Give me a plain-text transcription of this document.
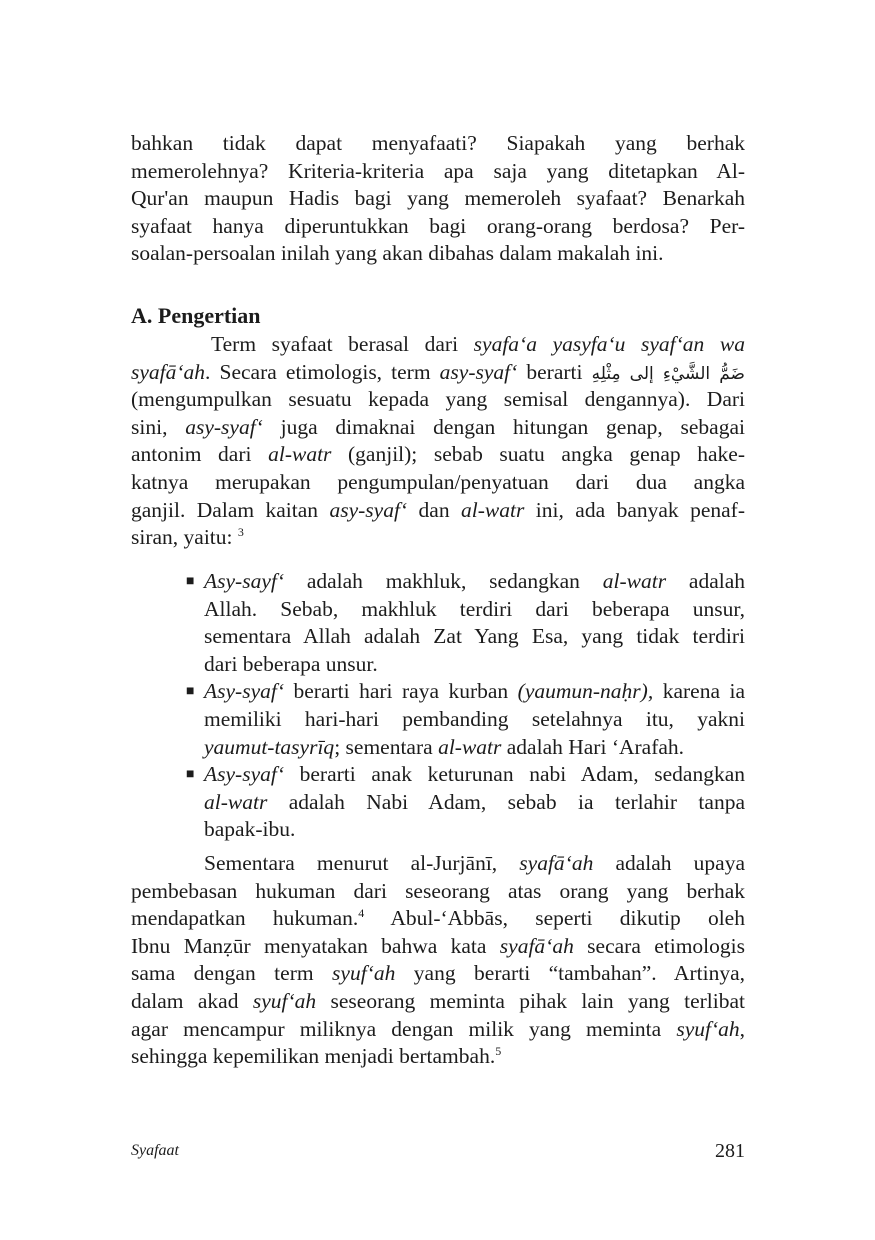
bahkan tidak dapat menyafaati? Siapakah yang berhak
memerolehnya? Kriteria-kriteria apa saja yang ditetapkan Al-
Qur'an maupun Hadis bagi yang memeroleh syafaat? Benarkah
syafaat hanya diperuntukkan bagi orang-orang berdosa? Per-
soalan-persoalan inilah yang akan dibahas dalam makalah ini.
A. Pengertian
Term syafaat berasal dari syafa‘a yasyfa‘u syaf‘an wa
syafā‘ah. Secara etimologis, term asy-syaf‘ berarti ضَمُّ الشَّيْءِ إلى مِثْلِهِ
(mengumpulkan sesuatu kepada yang semisal dengannya). Dari
sini, asy-syaf‘ juga dimaknai dengan hitungan genap, sebagai
antonim dari al-watr (ganjil); sebab suatu angka genap hake-
katnya merupakan pengumpulan/penyatuan dari dua angka
ganjil. Dalam kaitan asy-syaf‘ dan al-watr ini, ada banyak penaf-
siran, yaitu: $^3$
■ Asy-sayf‘ adalah makhluk, sedangkan al-watr adalah
Allah. Sebab, makhluk terdiri dari beberapa unsur,
sementara Allah adalah Zat Yang Esa, yang tidak terdiri
dari beberapa unsur.
■ Asy-syaf‘ berarti hari raya kurban (yaumun-naḥr), karena ia
memiliki hari-hari pembanding setelahnya itu, yakni
yaumut-tasyrīq; sementara al-watr adalah Hari ‘Arafah.
■ Asy-syaf‘ berarti anak keturunan nabi Adam, sedangkan
al-watr adalah Nabi Adam, sebab ia terlahir tanpa
bapak-ibu.
Sementara menurut al-Jurjānī, syafā‘ah adalah upaya
pembebasan hukuman dari seseorang atas orang yang berhak
mendapatkan hukuman.$^4$ Abul-‘Abbās, seperti dikutip oleh
Ibnu Manẓūr menyatakan bahwa kata syafā‘ah secara etimologis
sama dengan term syuf‘ah yang berarti “tambahan”. Artinya,
dalam akad syuf‘ah seseorang meminta pihak lain yang terlibat
agar mencampur miliknya dengan milik yang meminta syuf‘ah,
sehingga kepemilikan menjadi bertambah.$^5$
Syafaat	281
